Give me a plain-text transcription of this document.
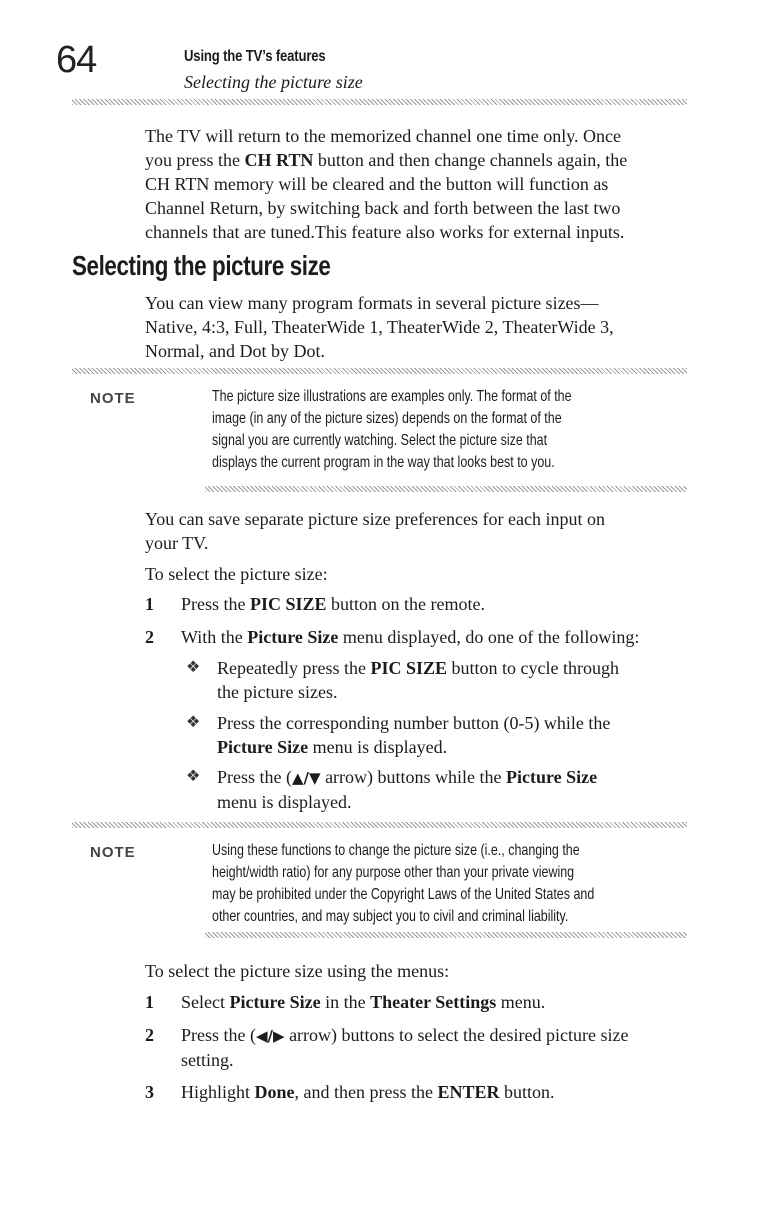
64	Using the TV’s features
Selecting the picture size

The TV will return to the memorized channel one time only. Once

you press the CH RTN button and then change channels again, the

CH RTN memory will be cleared and the button will function as

Channel Return, by switching back and forth between the last two

channels that are tuned.This feature also works for external inputs.

Selecting the picture size

You can view many program formats in several picture sizes—

Native, 4:3, Full, TheaterWide 1, TheaterWide 2, TheaterWide 3,

Normal, and Dot by Dot.

NOTE	The picture size illustrations are examples only. The format of the

image (in any of the picture sizes) depends on the format of the

signal you are currently watching. Select the picture size that

displays the current program in the way that looks best to you.

You can save separate picture size preferences for each input on

your TV.

To select the picture size:
1 Press the PIC SIZE button on the remote.
2 With the Picture Size menu displayed, do one of the following:
❖ Repeatedly press the PIC SIZE button to cycle through

the picture sizes.

❖ Press the corresponding number button (0-5) while the

Picture Size menu is displayed.

❖ Press the (▲/▼ arrow) buttons while the Picture Size

menu is displayed.

NOTE	Using these functions to change the picture size (i.e., changing the

height/width ratio) for any purpose other than your private viewing

may be prohibited under the Copyright Laws of the United States and

other countries, and may subject you to civil and criminal liability.

To select the picture size using the menus:
1 Select Picture Size in the Theater Settings menu.
2 Press the (◀/▶ arrow) buttons to select the desired picture size

setting.

3 Highlight Done, and then press the ENTER button.
